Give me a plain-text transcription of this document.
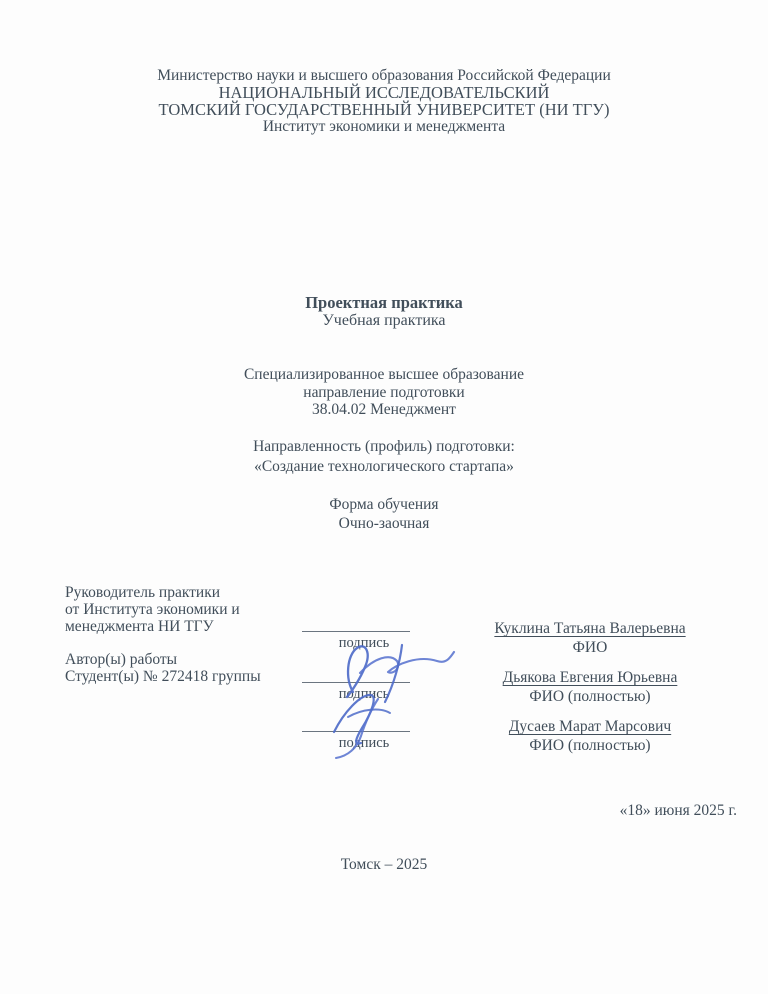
Министерство науки и высшего образования Российской Федерации
НАЦИОНАЛЬНЫЙ ИССЛЕДОВАТЕЛЬСКИЙ
ТОМСКИЙ ГОСУДАРСТВЕННЫЙ УНИВЕРСИТЕТ (НИ ТГУ)
Институт экономики и менеджмента
Проектная практика
Учебная практика
Специализированное высшее образование
направление подготовки
38.04.02 Менеджмент
Направленность (профиль) подготовки:
«Создание технологического стартапа»
Форма обучения
Очно-заочная
Руководитель практики
от Института экономики и
менеджмента НИ ТГУ
Автор(ы) работы
Студент(ы) № 272418 группы
подпись
подпись
подпись
Куклина Татьяна Валерьевна
ФИО
Дьякова Евгения Юрьевна
ФИО (полностью)
Дусаев Марат Марсович
ФИО (полностью)
«18» июня 2025 г.
Томск – 2025
